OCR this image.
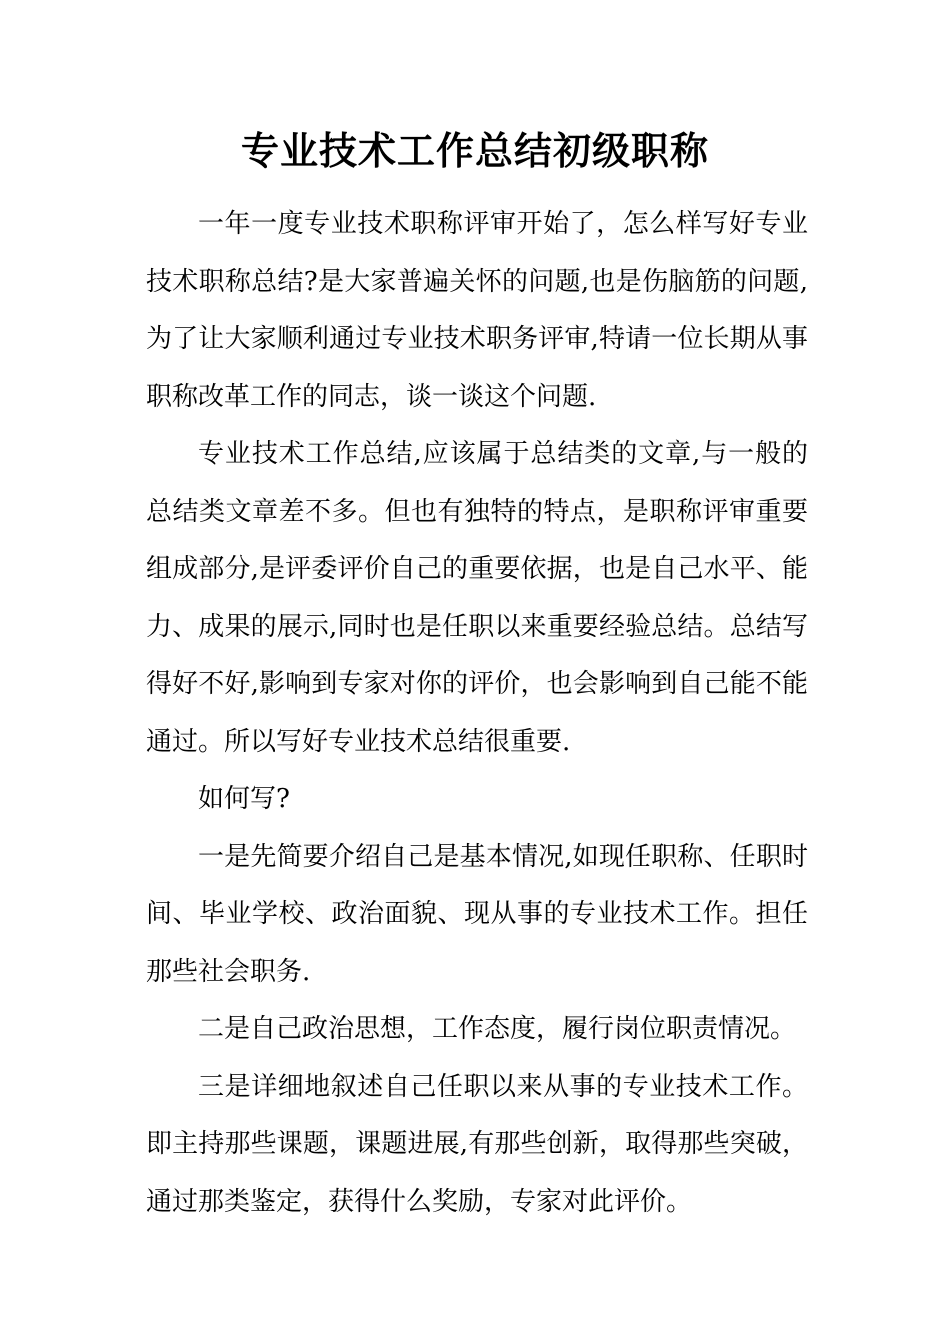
专业技术工作总结初级职称

一年一度专业技术职称评审开始了，怎么样写好专业技术职称总结?是大家普遍关怀的问题,也是伤脑筋的问题,为了让大家顺利通过专业技术职务评审,特请一位长期从事职称改革工作的同志，谈一谈这个问题.

专业技术工作总结,应该属于总结类的文章,与一般的总结类文章差不多。但也有独特的特点，是职称评审重要组成部分,是评委评价自己的重要依据，也是自己水平、能力、成果的展示,同时也是任职以来重要经验总结。总结写得好不好,影响到专家对你的评价，也会影响到自己能不能通过。所以写好专业技术总结很重要.

如何写?

一是先简要介绍自己是基本情况,如现任职称、任职时间、毕业学校、政治面貌、现从事的专业技术工作。担任那些社会职务.

二是自己政治思想，工作态度，履行岗位职责情况。

三是详细地叙述自己任职以来从事的专业技术工作。即主持那些课题，课题进展,有那些创新，取得那些突破，通过那类鉴定，获得什么奖励，专家对此评价。
